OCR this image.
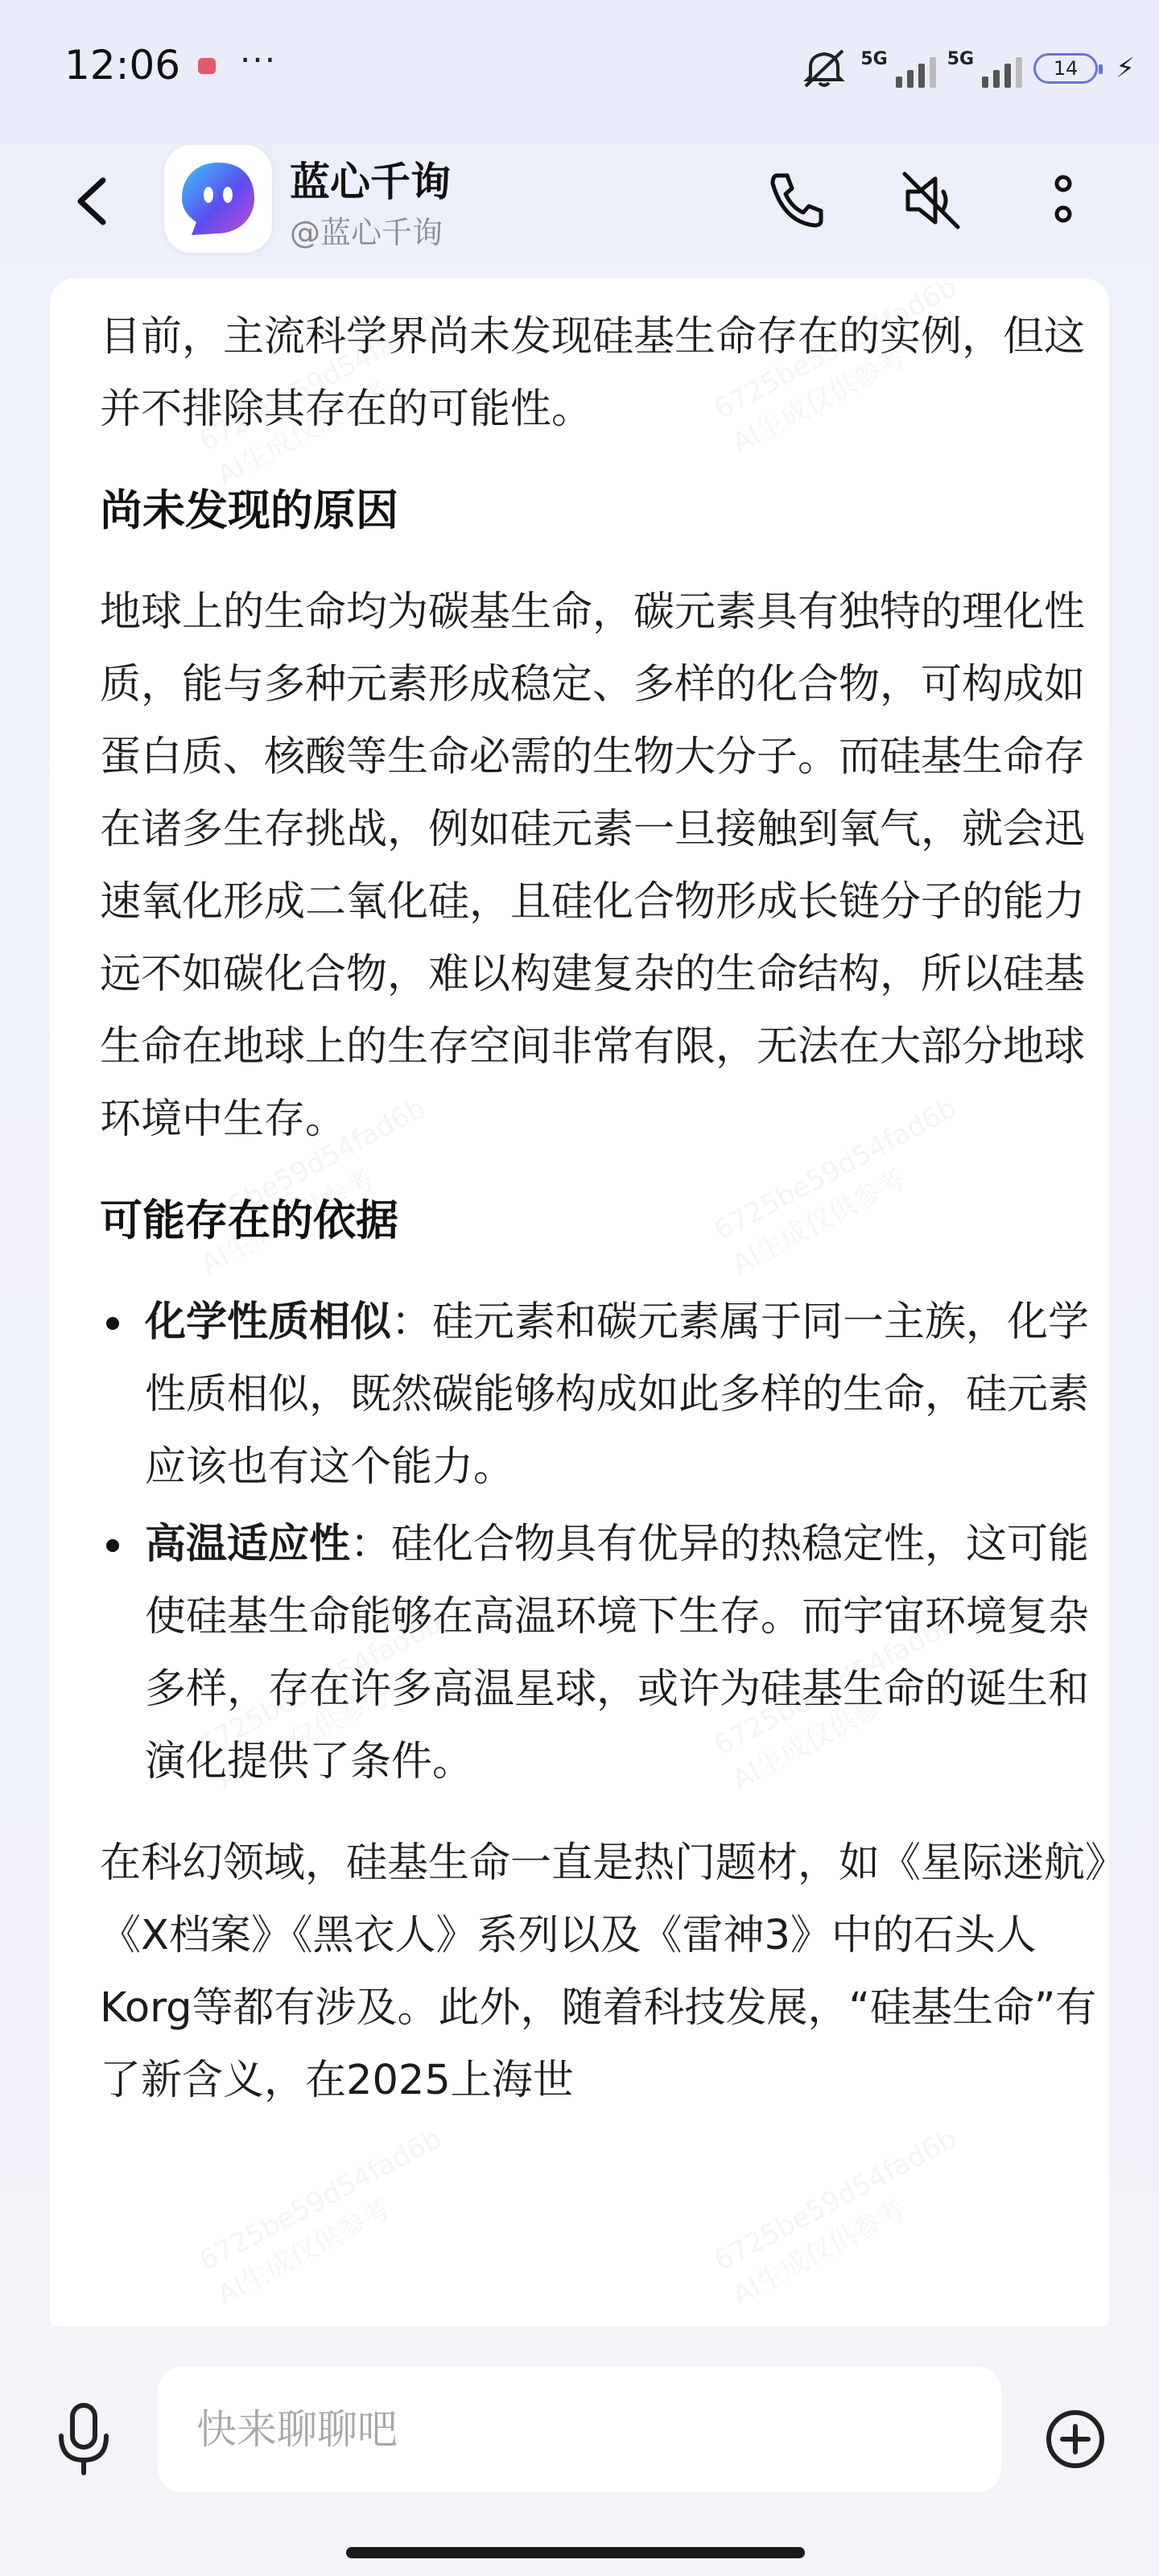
12:06 ···	5G	5G	14 ⚡
蓝心千询
@蓝心千询

目前，主流科学界尚未发现硅基生命存在的实例，但这并不排除其存在的可能性。

尚未发现的原因

地球上的生命均为碳基生命，碳元素具有独特的理化性质，能与多种元素形成稳定、多样的化合物，可构成如蛋白质、核酸等生命必需的生物大分子。而硅基生命存在诸多生存挑战，例如硅元素一旦接触到氧气，就会迅速氧化形成二氧化硅，且硅化合物形成长链分子的能力远不如碳化合物，难以构建复杂的生命结构，所以硅基生命在地球上的生存空间非常有限，无法在大部分地球环境中生存。

可能存在的依据
化学性质相似：硅元素和碳元素属于同一主族，化学性质相似，既然碳能够构成如此多样的生命，硅元素应该也有这个能力。
高温适应性：硅化合物具有优异的热稳定性，这可能使硅基生命能够在高温环境下生存。而宇宙环境复杂多样，存在许多高温星球，或许为硅基生命的诞生和演化提供了条件。

在科幻领域，硅基生命一直是热门题材，如《星际迷航》《X档案》《黑衣人》系列以及《雷神3》中的石头人Korg等都有涉及。此外，随着科技发展，“硅基生命”有了新含义，在2025上海世

快来聊聊吧
